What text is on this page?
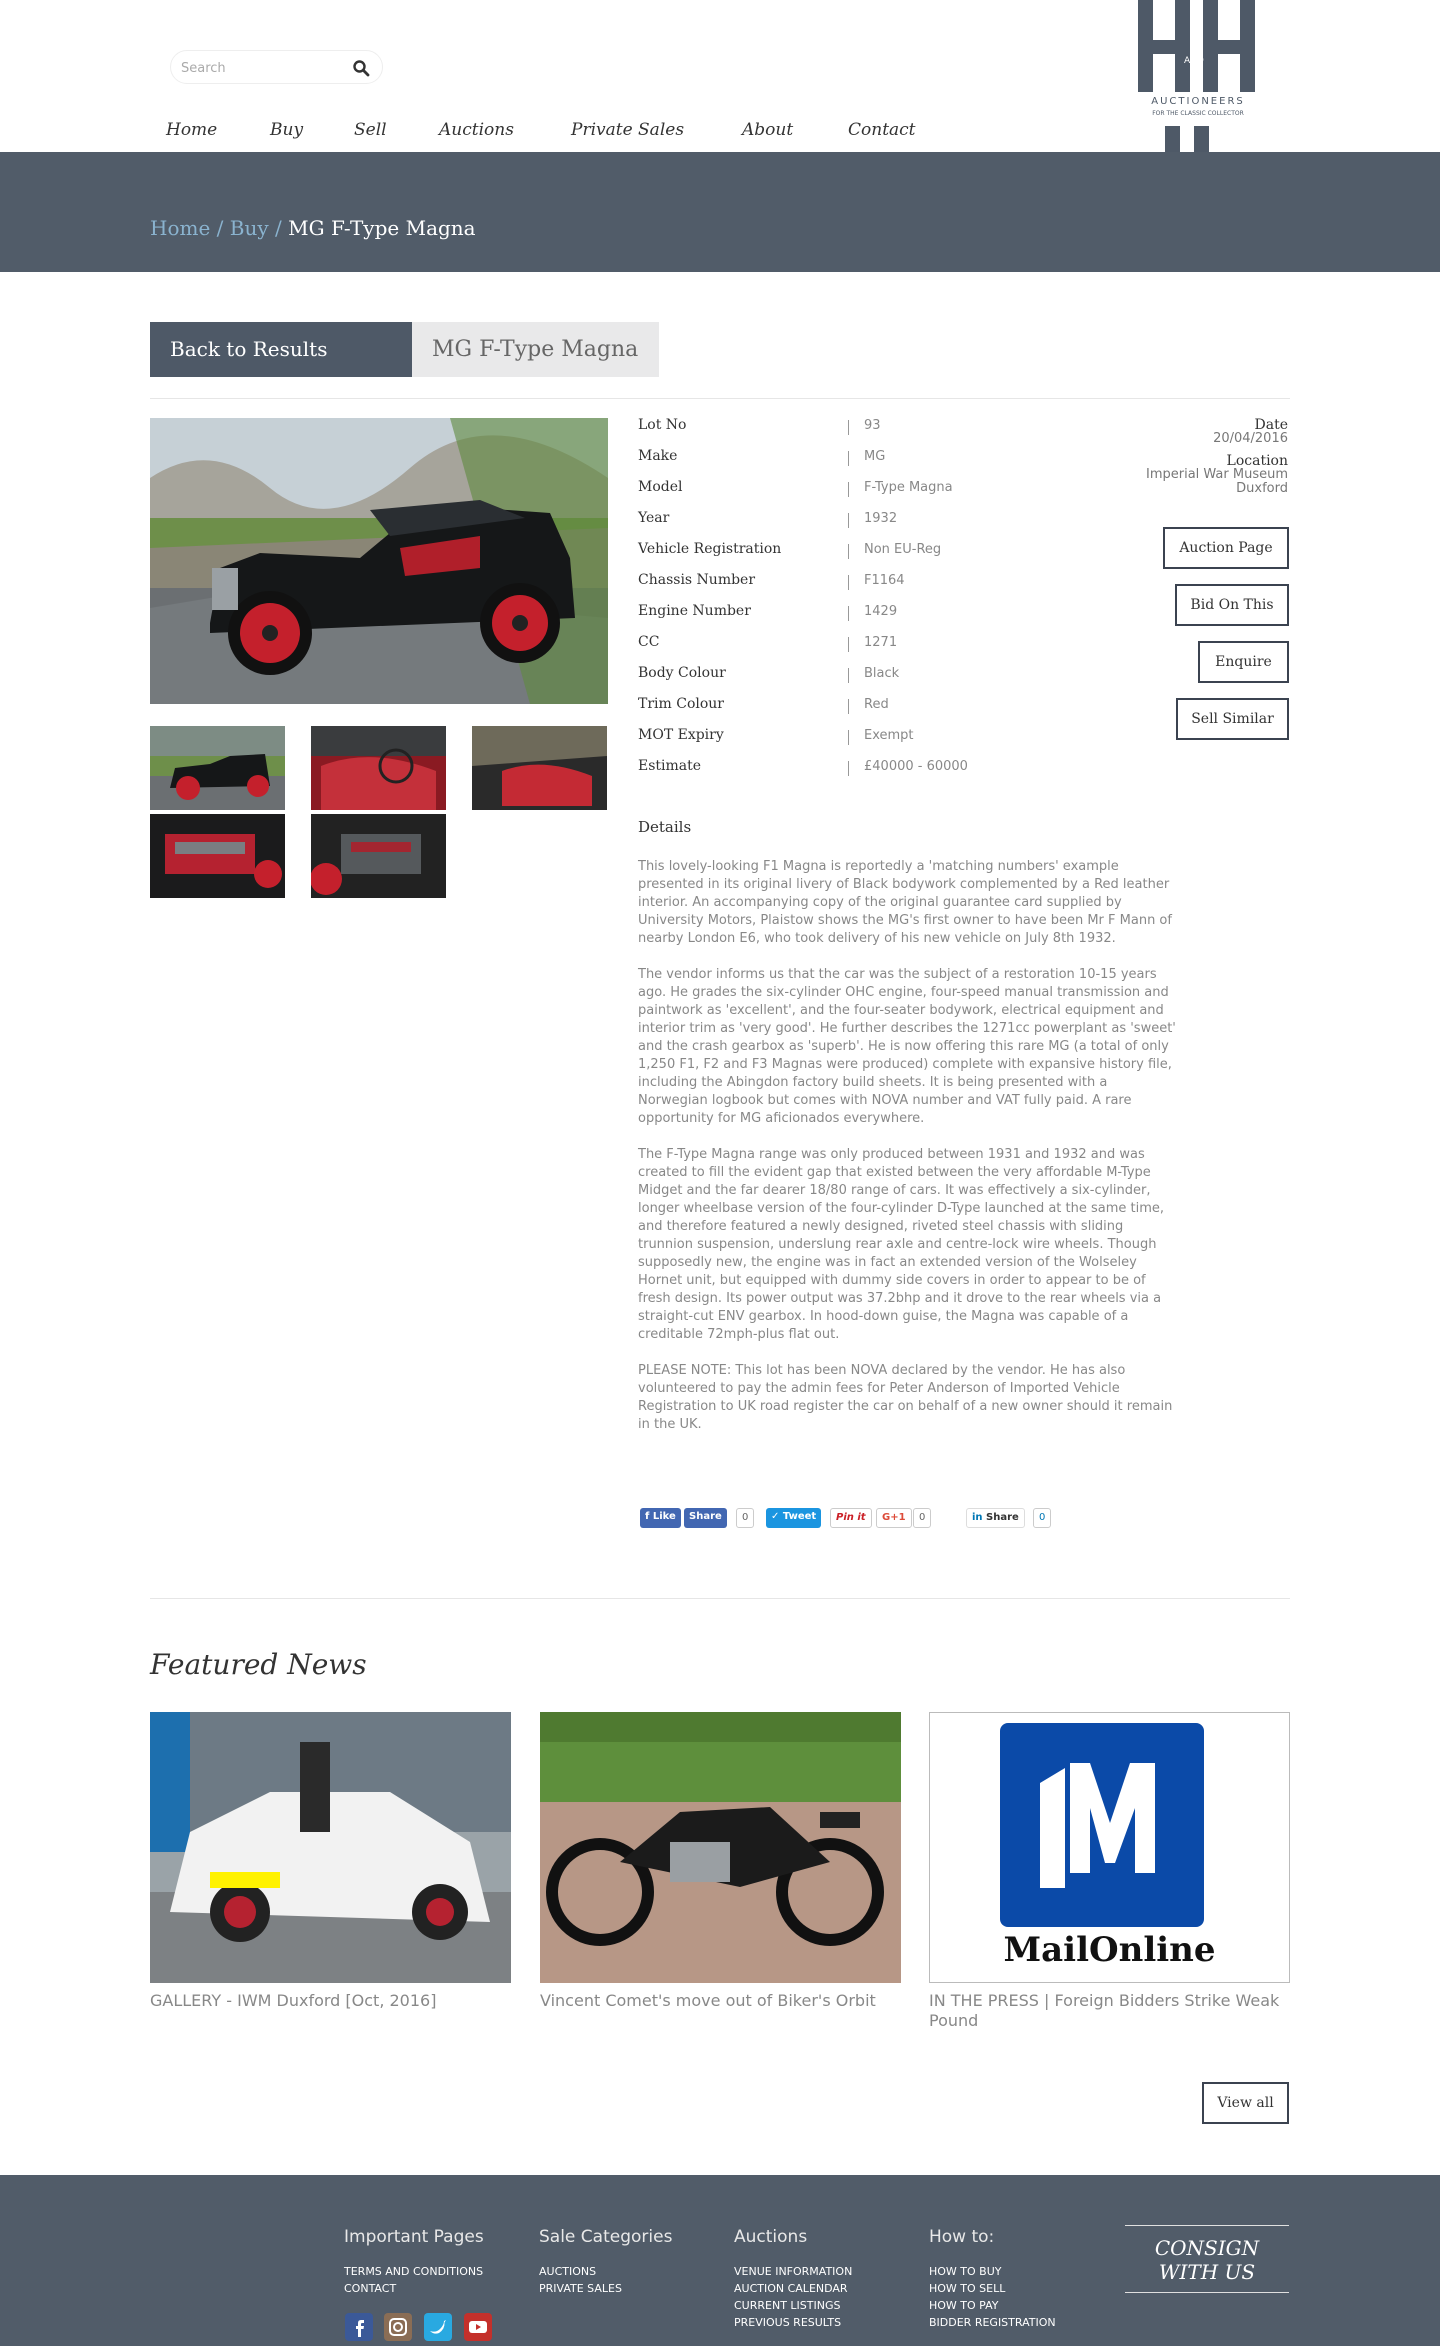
Search
Home	Buy	Sell	Auctions	Private Sales	About	Contact
AND
AUCTIONEERS
FOR THE CLASSIC COLLECTOR
Home / Buy / MG F-Type Magna
Back to Results	MG F-Type Magna
Lot No	93
Make	MG
Model	F-Type Magna
Year	1932
Vehicle Registration	Non EU-Reg
Chassis Number	F1164
Engine Number	1429
CC	1271
Body Colour	Black
Trim Colour	Red
MOT Expiry	Exempt
Estimate	£40000 - 60000
Date
20/04/2016
Location
Imperial War Museum
Duxford
Auction Page
Bid On This
Enquire
Sell Similar
Details

This lovely-looking F1 Magna is reportedly a 'matching numbers' example presented in its original livery of Black bodywork complemented by a Red leather interior. An accompanying copy of the original guarantee card supplied by University Motors, Plaistow shows the MG's first owner to have been Mr F Mann of nearby London E6, who took delivery of his new vehicle on July 8th 1932.

The vendor informs us that the car was the subject of a restoration 10-15 years ago. He grades the six-cylinder OHC engine, four-speed manual transmission and paintwork as 'excellent', and the four-seater bodywork, electrical equipment and interior trim as 'very good'. He further describes the 1271cc powerplant as 'sweet' and the crash gearbox as 'superb'. He is now offering this rare MG (a total of only 1,250 F1, F2 and F3 Magnas were produced) complete with expansive history file, including the Abingdon factory build sheets. It is being presented with a Norwegian logbook but comes with NOVA number and VAT fully paid. A rare opportunity for MG aficionados everywhere.

The F-Type Magna range was only produced between 1931 and 1932 and was created to fill the evident gap that existed between the very affordable M-Type Midget and the far dearer 18/80 range of cars. It was effectively a six-cylinder, longer wheelbase version of the four-cylinder D-Type launched at the same time, and therefore featured a newly designed, riveted steel chassis with sliding trunnion suspension, underslung rear axle and centre-lock wire wheels. Though supposedly new, the engine was in fact an extended version of the Wolseley Hornet unit, but equipped with dummy side covers in order to appear to be of fresh design. Its power output was 37.2bhp and it drove to the rear wheels via a straight-cut ENV gearbox. In hood-down guise, the Magna was capable of a creditable 72mph-plus flat out.

PLEASE NOTE: This lot has been NOVA declared by the vendor. He has also volunteered to pay the admin fees for Peter Anderson of Imported Vehicle Registration to UK road register the car on behalf of a new owner should it remain in the UK.

f Like	Share	0	✓ Tweet	Pin it	G+1	0	in Share	0
Featured News
GALLERY - IWM Duxford [Oct, 2016]	Vincent Comet's move out of Biker's Orbit
MailOnline
IN THE PRESS | Foreign Bidders Strike Weak Pound
View all
Important Pages
TERMS AND CONDITIONS
CONTACT
Sale Categories
AUCTIONS
PRIVATE SALES
Auctions
VENUE INFORMATION
AUCTION CALENDAR
CURRENT LISTINGS
PREVIOUS RESULTS
How to:
HOW TO BUY
HOW TO SELL
HOW TO PAY
BIDDER REGISTRATION
CONSIGN
WITH US
